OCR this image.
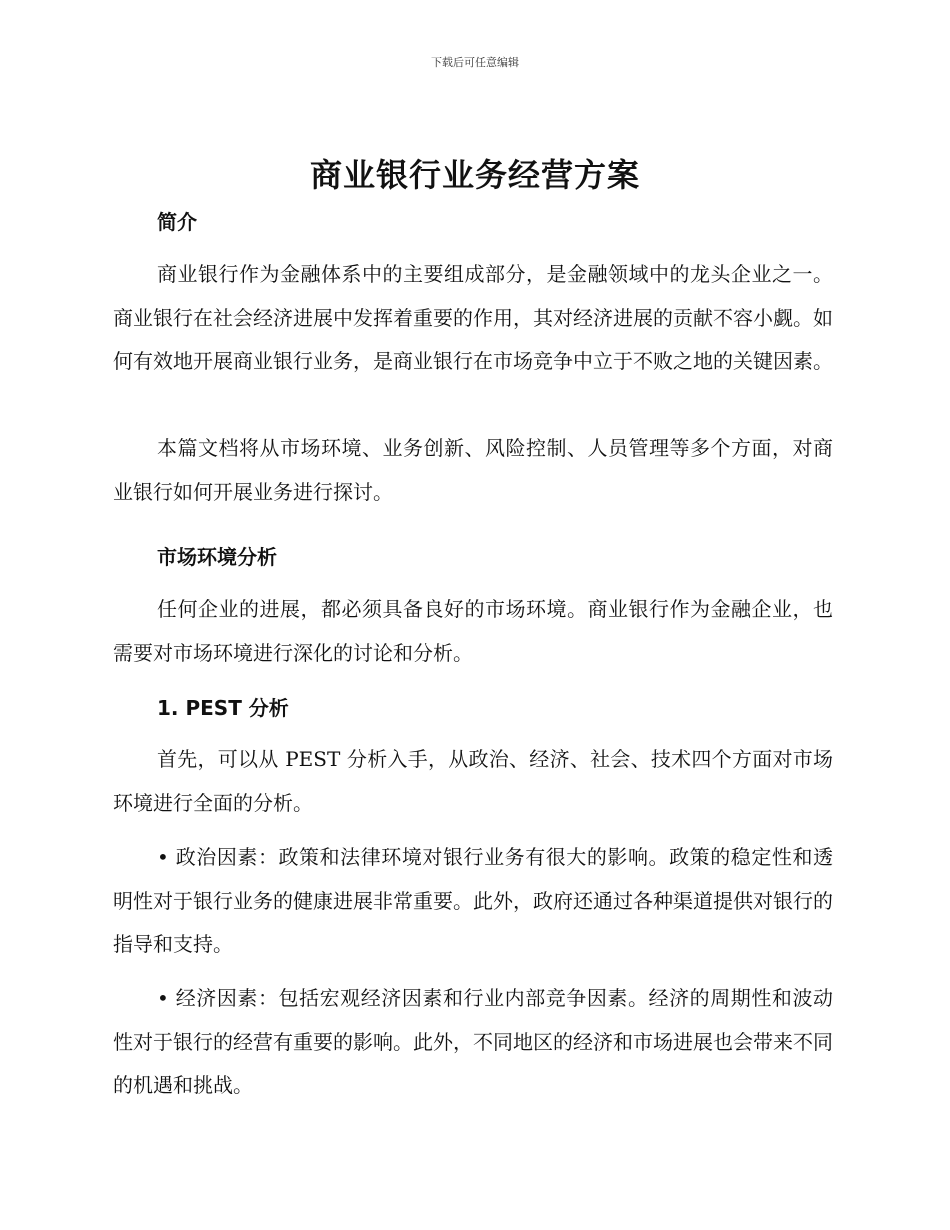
下载后可任意编辑
商业银行业务经营方案
简介
商业银行作为金融体系中的主要组成部分，是金融领域中的龙头企业之一。商业银行在社会经济进展中发挥着重要的作用，其对经济进展的贡献不容小觑。如何有效地开展商业银行业务，是商业银行在市场竞争中立于不败之地的关键因素。
本篇文档将从市场环境、业务创新、风险控制、人员管理等多个方面，对商业银行如何开展业务进行探讨。
市场环境分析
任何企业的进展，都必须具备良好的市场环境。商业银行作为金融企业，也需要对市场环境进行深化的讨论和分析。
1. PEST 分析
首先，可以从 PEST 分析入手，从政治、经济、社会、技术四个方面对市场环境进行全面的分析。
• 政治因素：政策和法律环境对银行业务有很大的影响。政策的稳定性和透明性对于银行业务的健康进展非常重要。此外，政府还通过各种渠道提供对银行的指导和支持。
• 经济因素：包括宏观经济因素和行业内部竞争因素。经济的周期性和波动性对于银行的经营有重要的影响。此外，不同地区的经济和市场进展也会带来不同的机遇和挑战。
